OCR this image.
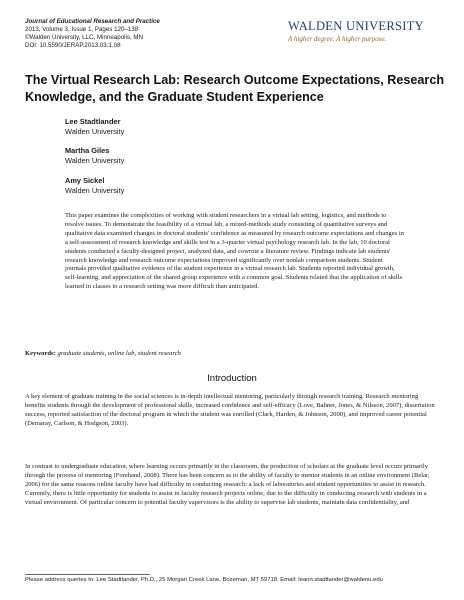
Journal of Educational Research and Practice
2013, Volume 3, Issue 1, Pages 120–138
©Walden University, LLC, Minneapolis, MN
DOI: 10.5590/JERAP.2013.03.1.08
WALDEN UNIVERSITY
A higher degree. A higher purpose.
The Virtual Research Lab: Research Outcome Expectations, Research Knowledge, and the Graduate Student Experience
Lee Stadtlander
Walden University
Martha Giles
Walden University
Amy Sickel
Walden University

This paper examines the complexities of working with student researchers in a virtual lab setting, logistics, and methods to resolve issues. To demonstrate the feasibility of a virtual lab, a mixed-methods study consisting of quantitative surveys and qualitative data examined changes in doctoral students' confidence as measured by research outcome expectations and changes in a self-assessment of research knowledge and skills test in a 3-quarter virtual psychology research lab. In the lab, 10 doctoral students conducted a faculty-designed project, analyzed data, and cowrote a literature review. Findings indicate lab students' research knowledge and research outcome expectations improved significantly over nonlab comparison students. Student journals provided qualitative evidence of the student experience in a virtual research lab. Students reported individual growth, self-learning, and appreciation of the shared group experience with a common goal. Students related that the application of skills learned in classes to a research setting was more difficult than anticipated.

Keywords: graduate students, online lab, student research

Introduction

A key element of graduate training in the social sciences is in-depth intellectual mentoring, particularly through research training. Research mentoring benefits students through the development of professional skills, increased confidence and self-efficacy (Love, Bahner, Jones, & Nilsson, 2007), dissertation success, reported satisfaction of the doctoral program in which the student was enrolled (Clark, Harden, & Johnson, 2000), and improved career potential (Demaray, Carlson, & Hodgson, 2003).

In contrast to undergraduate education, where learning occurs primarily in the classroom, the production of scholars at the graduate level occurs primarily through the process of mentoring (Forehand, 2008). There has been concern as to the ability of faculty to mentor students in an online environment (Belar, 2006) for the same reasons online faculty have had difficulty in conducting research: a lack of laboratories and student opportunities to assist in research. Currently, there is little opportunity for students to assist in faculty research projects online, due to the difficulty in conducting research with students in a virtual environment. Of particular concern to potential faculty supervisors is the ability to supervise lab students, maintain data confidentiality, and

Please address queries to: Lee Stadtlander, Ph.D., 25 Morgan Creek Lane, Bozeman, MT 59718. Email: leann.stadtlander@waldenu.edu
